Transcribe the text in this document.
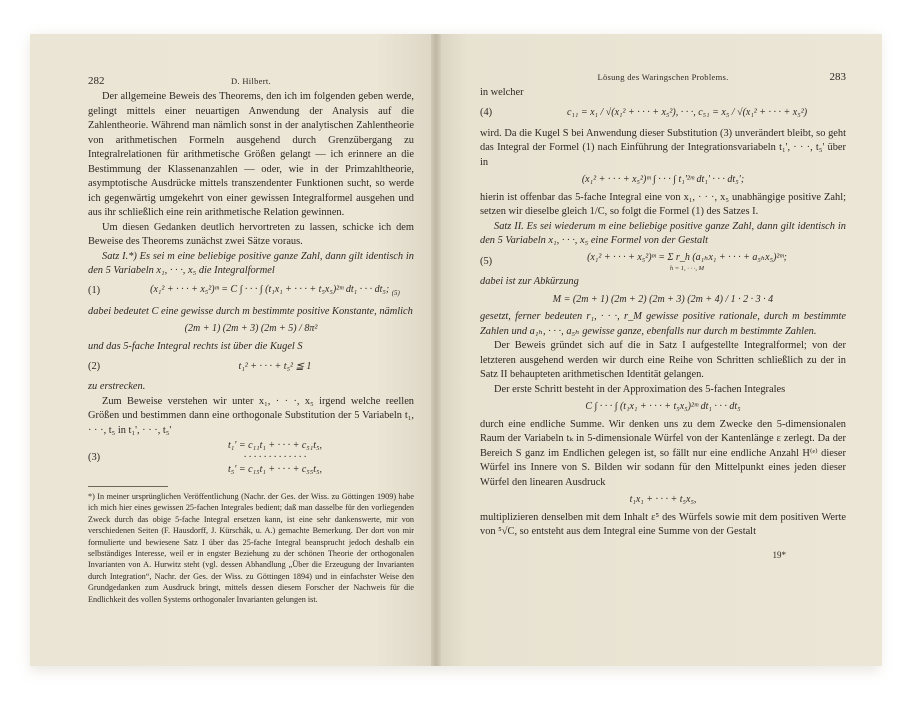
282	D. Hilbert.

Der allgemeine Beweis des Theorems, den ich im folgenden geben werde, gelingt mittels einer neuartigen Anwendung der Analysis auf die Zahlentheorie. Während man nämlich sonst in der analytischen Zahlentheorie von arithmetischen Formeln ausgehend durch Grenzübergang zu Integralrelationen für arithmetische Größen gelangt — ich erinnere an die Bestimmung der Klassenanzahlen — oder, wie in der Primzahltheorie, asymptotische Ausdrücke mittels transzendenter Funktionen sucht, so werde ich gegenwärtig umgekehrt von einer gewissen Integralformel ausgehen und aus ihr schließlich eine rein arithmetische Relation gewinnen.

Um diesen Gedanken deutlich hervortreten zu lassen, schicke ich dem Beweise des Theorems zunächst zwei Sätze voraus.

Satz I.*) Es sei m eine beliebige positive ganze Zahl, dann gilt identisch in den 5 Variabeln x₁, · · ·, x₅ die Integralformel

(1)	(x₁² + · · · + x₅²)ᵐ = C ∫ · · · ∫ (t₁x₁ + · · · + t₅x₅)²ᵐ dt₁ · · · dt₅; $_{(5)}$

dabei bedeutet C eine gewisse durch m bestimmte positive Konstante, nämlich

(2m + 1) (2m + 3) (2m + 5) / 8π²

und das 5-fache Integral rechts ist über die Kugel S

(2)	t₁² + · · · + t₅² ≦ 1

zu erstrecken.

Zum Beweise verstehen wir unter x₁, · · ·, x₅ irgend welche reellen Größen und bestimmen dann eine orthogonale Substitution der 5 Variabeln t₁, · · ·, t₅ in t₁', · · ·, t₅'

(3)
t₁' = c₁₁t₁ + · · · + c₅₁t₅,
· · · · · · · · · · · · ·
t₅' = c₁₅t₁ + · · · + c₅₅t₅,

*) In meiner ursprünglichen Veröffentlichung (Nachr. der Ges. der Wiss. zu Göttingen 1909) habe ich mich hier eines gewissen 25-fachen Integrales bedient; daß man dasselbe für den vorliegenden Zweck durch das obige 5-fache Integral ersetzen kann, ist eine sehr dankenswerte, mir von verschiedenen Seiten (F. Hausdorff, J. Kürschák, u. A.) gemachte Bemerkung. Der dort von mir formulierte und bewiesene Satz I über das 25-fache Integral beansprucht jedoch deshalb ein selbständiges Interesse, weil er in engster Beziehung zu der schönen Theorie der orthogonalen Invarianten von A. Hurwitz steht (vgl. dessen Abhandlung „Über die Erzeugung der Invarianten durch Integration“, Nachr. der Ges. der Wiss. zu Göttingen 1894) und in einfachster Weise den Grundgedanken zum Ausdruck bringt, mittels dessen diesem Forscher der Nachweis für die Endlichkeit des vollen Systems orthogonaler Invarianten gelungen ist.

Lösung des Waringschen Problems.	283

in welcher

(4)	c₁₁ = x₁ / √(x₁² + · · · + x₅²), · · ·, c₅₁ = x₅ / √(x₁² + · · · + x₅²)

wird. Da die Kugel S bei Anwendung dieser Substitution (3) unverändert bleibt, so geht das Integral der Formel (1) nach Einführung der Integrationsvariabeln t₁', · · ·, t₅' über in

(x₁² + · · · + x₅²)ᵐ ∫ · · · ∫ t₁'²ᵐ dt₁' · · · dt₅';

hierin ist offenbar das 5-fache Integral eine von x₁, · · ·, x₅ unabhängige positive Zahl; setzen wir dieselbe gleich 1/C, so folgt die Formel (1) des Satzes I.

Satz II. Es sei wiederum m eine beliebige positive ganze Zahl, dann gilt identisch in den 5 Variabeln x₁, · · ·, x₅ eine Formel von der Gestalt

(5)	(x₁² + · · · + x₅²)ᵐ = Σ r_h (a₁ₕx₁ + · · · + a₅ₕx₅)²ᵐ;
h = 1, · · ·, M

dabei ist zur Abkürzung

M = (2m + 1) (2m + 2) (2m + 3) (2m + 4) / 1 · 2 · 3 · 4

gesetzt, ferner bedeuten r₁, · · ·, r_M gewisse positive rationale, durch m bestimmte Zahlen und a₁ₕ, · · ·, a₅ₕ gewisse ganze, ebenfalls nur durch m bestimmte Zahlen.

Der Beweis gründet sich auf die in Satz I aufgestellte Integralformel; von der letzteren ausgehend werden wir durch eine Reihe von Schritten schließlich zu der in Satz II behaupteten arithmetischen Identität gelangen.

Der erste Schritt besteht in der Approximation des 5-fachen Integrales

C ∫ · · · ∫ (t₁x₁ + · · · + t₅x₅)²ᵐ dt₁ · · · dt₅

durch eine endliche Summe. Wir denken uns zu dem Zwecke den 5-dimensionalen Raum der Variabeln tₖ in 5-dimensionale Würfel von der Kantenlänge ε zerlegt. Da der Bereich S ganz im Endlichen gelegen ist, so fällt nur eine endliche Anzahl H⁽ᵉ⁾ dieser Würfel ins Innere von S. Bilden wir sodann für den Mittelpunkt eines jeden dieser Würfel den linearen Ausdruck

t₁x₁ + · · · + t₅x₅,

multiplizieren denselben mit dem Inhalt ε⁵ des Würfels sowie mit dem positiven Werte von ⁵√C, so entsteht aus dem Integral eine Summe von der Gestalt

19*
